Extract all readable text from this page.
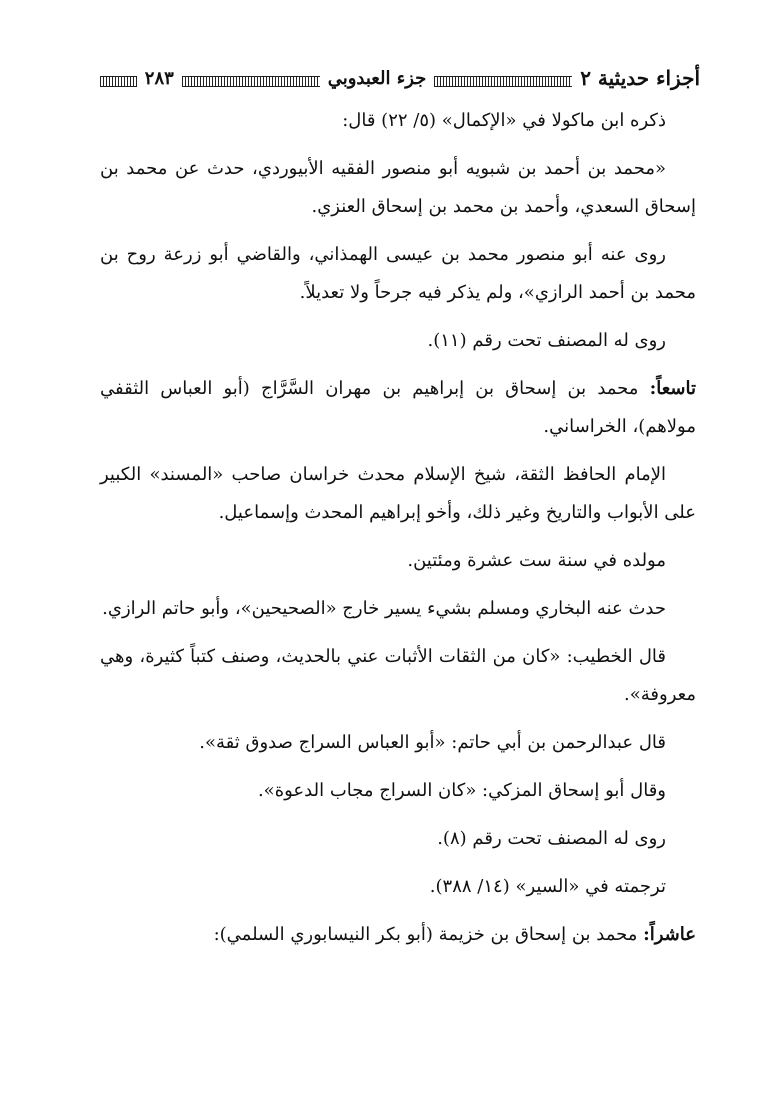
أجزاء حديثية ٢
جزء العبدوبي
٢٨٣

ذكره ابن ماكولا في «الإكمال» (٥/ ٢٢) قال:

«محمد بن أحمد بن شبويه أبو منصور الفقيه الأبيوردي، حدث عن محمد بن إسحاق السعدي، وأحمد بن محمد بن إسحاق العنزي.

روى عنه أبو منصور محمد بن عيسى الهمذاني، والقاضي أبو زرعة روح بن محمد بن أحمد الرازي»، ولم يذكر فيه جرحاً ولا تعديلاً.

روى له المصنف تحت رقم (١١).

تاسعاً: محمد بن إسحاق بن إبراهيم بن مهران السَّرَّاج (أبو العباس الثقفي مولاهم)، الخراساني.

الإمام الحافظ الثقة، شيخ الإسلام محدث خراسان صاحب «المسند» الكبير على الأبواب والتاريخ وغير ذلك، وأخو إبراهيم المحدث وإسماعيل.

مولده في سنة ست عشرة ومئتين.

حدث عنه البخاري ومسلم بشيء يسير خارج «الصحيحين»، وأبو حاتم الرازي.

قال الخطيب: «كان من الثقات الأثبات عني بالحديث، وصنف كتباً كثيرة، وهي معروفة».

قال عبدالرحمن بن أبي حاتم: «أبو العباس السراج صدوق ثقة».

وقال أبو إسحاق المزكي: «كان السراج مجاب الدعوة».

روى له المصنف تحت رقم (٨).

ترجمته في «السير» (١٤/ ٣٨٨).

عاشراً: محمد بن إسحاق بن خزيمة (أبو بكر النيسابوري السلمي):
